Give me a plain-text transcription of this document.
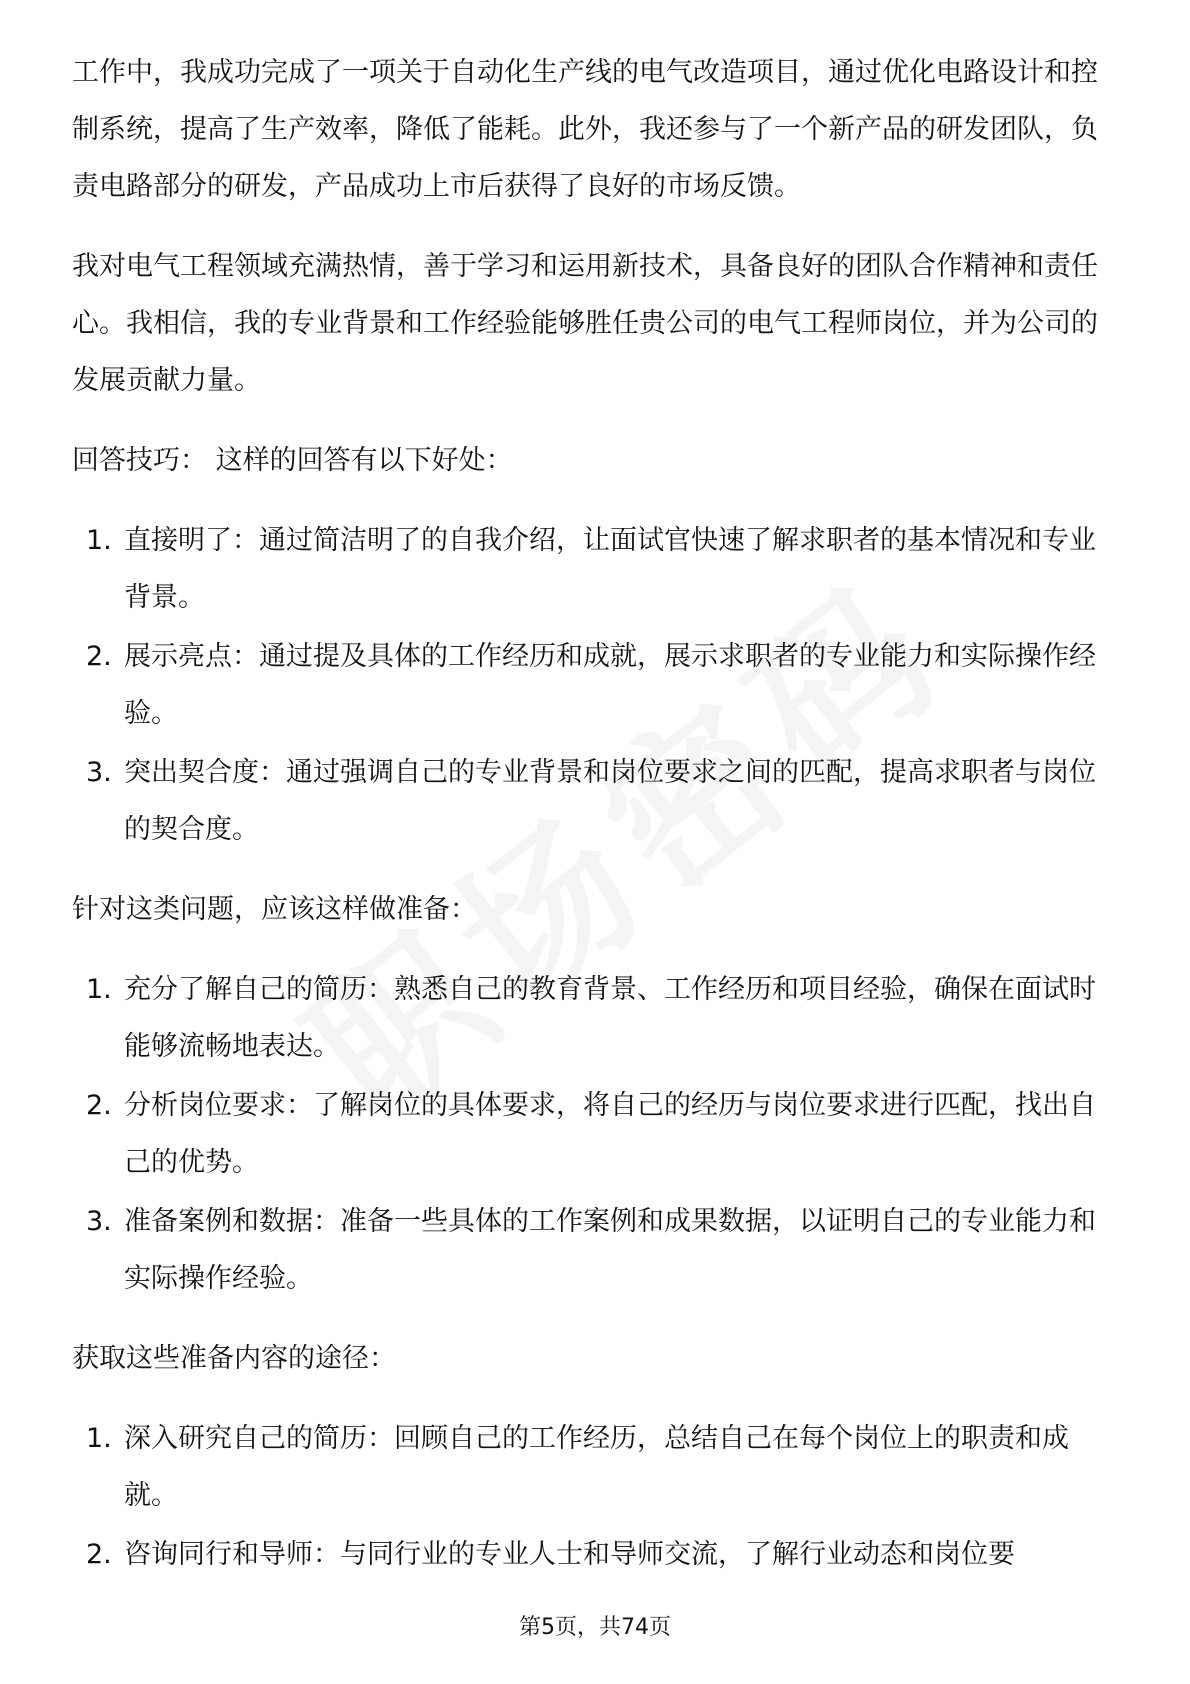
工作中，我成功完成了一项关于自动化生产线的电气改造项目，通过优化电路设计和控制系统，提高了生产效率，降低了能耗。此外，我还参与了一个新产品的研发团队，负责电路部分的研发，产品成功上市后获得了良好的市场反馈。

我对电气工程领域充满热情，善于学习和运用新技术，具备良好的团队合作精神和责任心。我相信，我的专业背景和工作经验能够胜任贵公司的电气工程师岗位，并为公司的发展贡献力量。

回答技巧： 这样的回答有以下好处：

1. 直接明了：通过简洁明了的自我介绍，让面试官快速了解求职者的基本情况和专业背景。
2. 展示亮点：通过提及具体的工作经历和成就，展示求职者的专业能力和实际操作经验。
3. 突出契合度：通过强调自己的专业背景和岗位要求之间的匹配，提高求职者与岗位的契合度。

针对这类问题，应该这样做准备：

1. 充分了解自己的简历：熟悉自己的教育背景、工作经历和项目经验，确保在面试时能够流畅地表达。
2. 分析岗位要求：了解岗位的具体要求，将自己的经历与岗位要求进行匹配，找出自己的优势。
3. 准备案例和数据：准备一些具体的工作案例和成果数据，以证明自己的专业能力和实际操作经验。

获取这些准备内容的途径：

1. 深入研究自己的简历：回顾自己的工作经历，总结自己在每个岗位上的职责和成就。
2. 咨询同行和导师：与同行业的专业人士和导师交流，了解行业动态和岗位要
第5页，共74页
